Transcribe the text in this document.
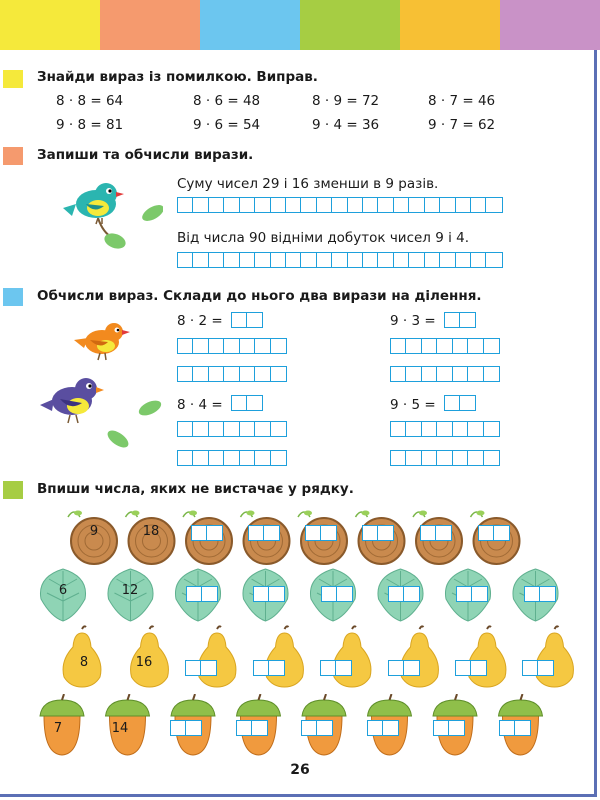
Знайди вираз із помилкою. Виправ.
8 · 8 = 64	8 · 6 = 48	8 · 9 = 72	8 · 7 = 46
9 · 8 = 81	9 · 6 = 54	9 · 4 = 36	9 · 7 = 62
Запиши та обчисли вирази.
Суму чисел 29 і 16 зменши в 9 разів.
Від числа 90 відніми добуток чисел 9 і 4.
Обчисли вираз. Склади до нього два вирази на ділення.
8 · 2 =
8 · 4 =
9 · 3 =
9 · 5 =
Впиши числа, яких не вистачає у рядку.
9	18
6	12
8	16
7	14
26
